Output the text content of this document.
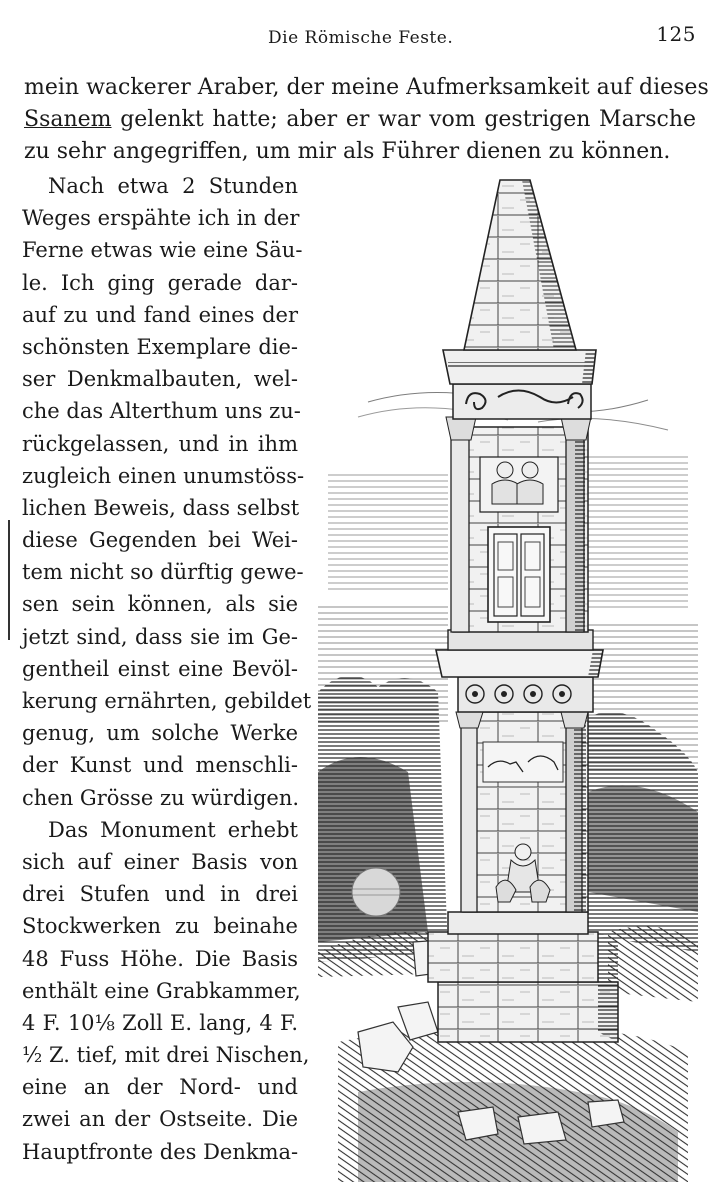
Die Römische Feste.	125
mein wackerer Araber, der meine Aufmerksamkeit auf dieses
Ssanem gelenkt hatte; aber er war vom gestrigen Marsche
zu sehr angegriffen, um mir als Führer dienen zu können.
Nach etwa 2 Stunden
Weges erspähte ich in der
Ferne etwas wie eine Säu-
le. Ich ging gerade dar-
auf zu und fand eines der
schönsten Exemplare die-
ser Denkmalbauten, wel-
che das Alterthum uns zu-
rückgelassen, und in ihm
zugleich einen unumstöss-
lichen Beweis, dass selbst
diese Gegenden bei Wei-
tem nicht so dürftig gewe-
sen sein können, als sie
jetzt sind, dass sie im Ge-
gentheil einst eine Bevöl-
kerung ernährten, gebildet
genug, um solche Werke
der Kunst und menschli-
chen Grösse zu würdigen.
Das Monument erhebt
sich auf einer Basis von
drei Stufen und in drei
Stockwerken zu beinahe
48 Fuss Höhe. Die Basis
enthält eine Grabkammer,
4 F. 10⅛ Zoll E. lang, 4 F.
½ Z. tief, mit drei Nischen,
eine an der Nord- und
zwei an der Ostseite. Die
Hauptfronte des Denkma-
